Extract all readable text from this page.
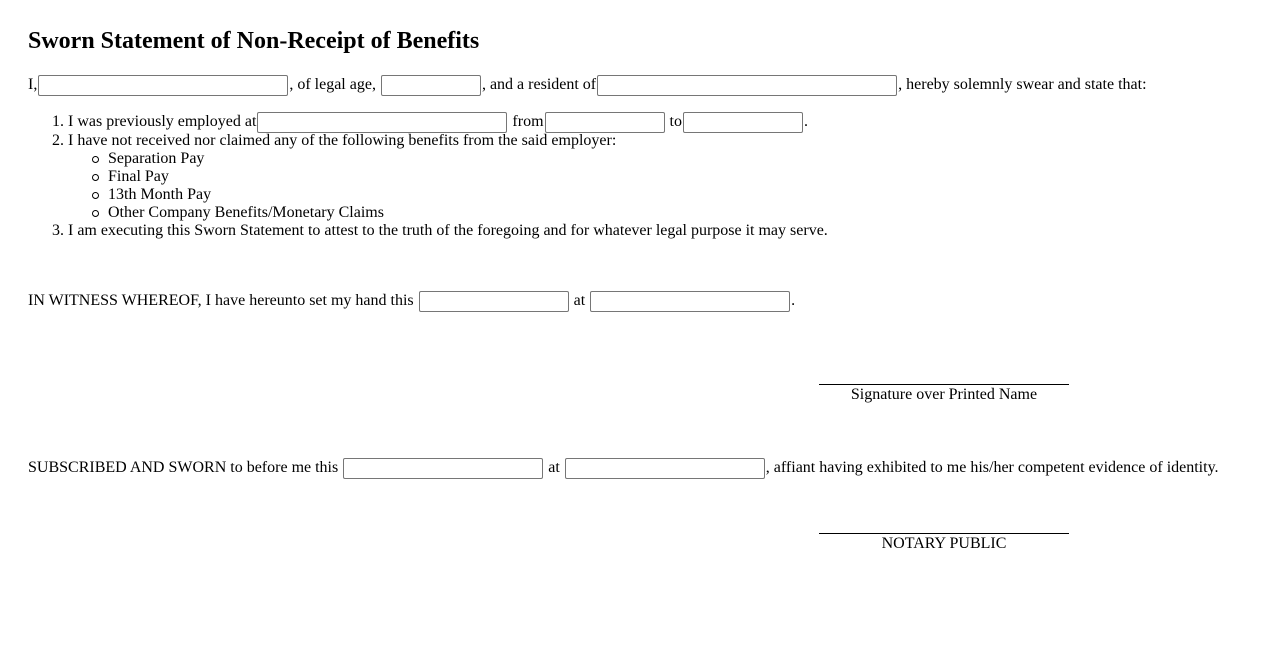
Sworn Statement of Non-Receipt of Benefits
I,	, of legal age,	, and a resident of	, hereby solemnly swear and state that:
1. I was previously employed at	from	to	.
2. I have not received nor claimed any of the following benefits from the said employer:
Separation Pay
Final Pay
13th Month Pay
Other Company Benefits/Monetary Claims
3. I am executing this Sworn Statement to attest to the truth of the foregoing and for whatever legal purpose it may serve.
IN WITNESS WHEREOF, I have hereunto set my hand this	at	.
Signature over Printed Name
SUBSCRIBED AND SWORN to before me this	at	, affiant having exhibited to me his/her competent evidence of identity.
NOTARY PUBLIC
